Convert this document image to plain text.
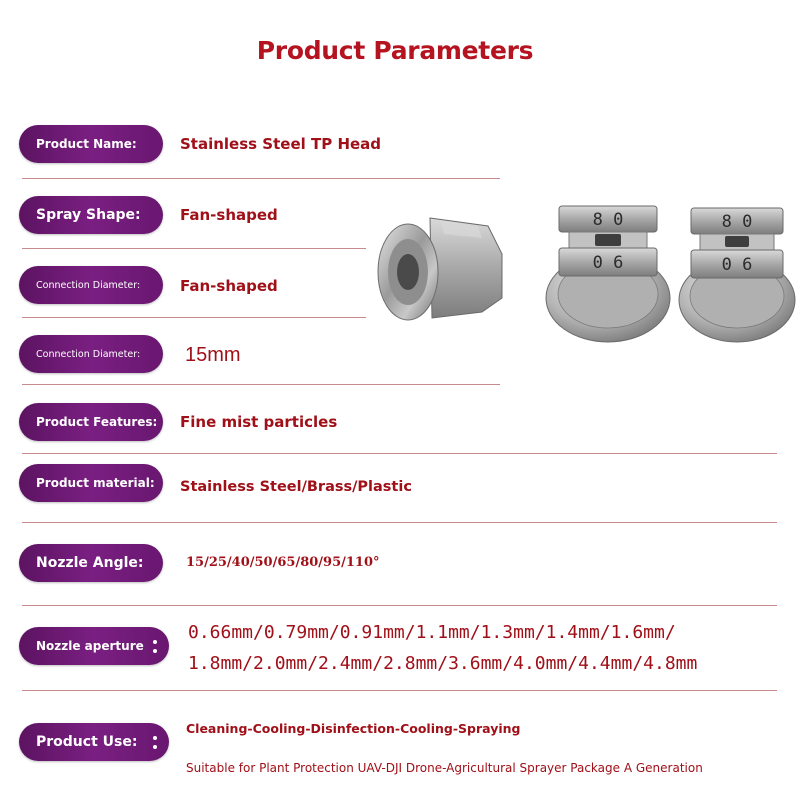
Product Parameters
Product Name:	Stainless Steel TP Head
Spray Shape:	Fan-shaped
Connection Diameter:	Fan-shaped
Connection Diameter: 15mm
Product Features: Fine mist particles
Product material: Stainless Steel/Brass/Plastic
Nozzle Angle:	15/25/40/50/65/80/95/110°
Nozzle aperture
0.66mm/0.79mm/0.91mm/1.1mm/1.3mm/1.4mm/1.6mm/
1.8mm/2.0mm/2.4mm/2.8mm/3.6mm/4.0mm/4.4mm/4.8mm
Product Use:
Cleaning-Cooling-Disinfection-Cooling-Spraying
Suitable for Plant Protection UAV-DJI Drone-Agricultural Sprayer Package A Generation
8 0
0 6
8 0
0 6
